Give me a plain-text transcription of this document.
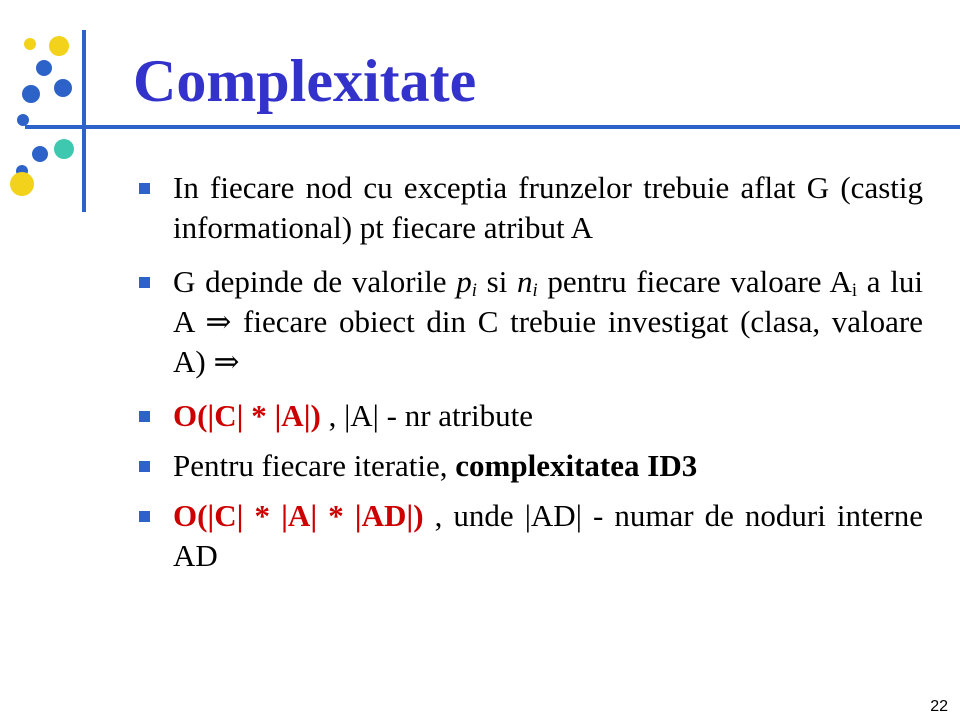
Complexitate
In fiecare nod cu exceptia frunzelor trebuie aflat G (castig informational) pt fiecare atribut A
G depinde de valorile $p_i$ si $n_i$ pentru fiecare valoare $A_i$ a lui A ⇒ fiecare obiect din C trebuie investigat (clasa, valoare A) ⇒
O(|C| * |A|) , |A| - nr atribute
Pentru fiecare iteratie, complexitatea ID3
O(|C| * |A| * |AD|) , unde |AD| - numar de noduri interne AD
22
